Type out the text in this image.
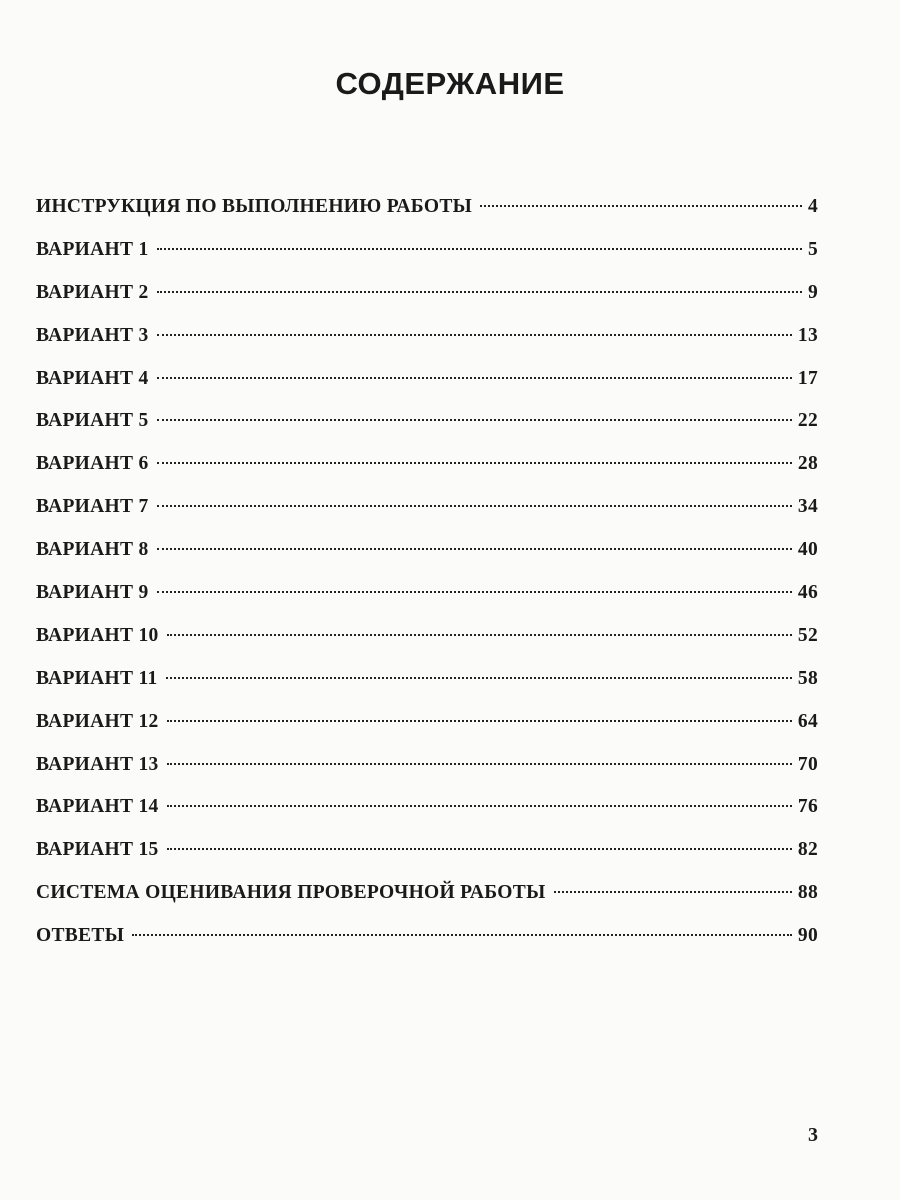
СОДЕРЖАНИЕ
ИНСТРУКЦИЯ ПО ВЫПОЛНЕНИЮ РАБОТЫ	4
ВАРИАНТ 1	5
ВАРИАНТ 2	9
ВАРИАНТ 3	13
ВАРИАНТ 4	17
ВАРИАНТ 5	22
ВАРИАНТ 6	28
ВАРИАНТ 7	34
ВАРИАНТ 8	40
ВАРИАНТ 9	46
ВАРИАНТ 10	52
ВАРИАНТ 11	58
ВАРИАНТ 12	64
ВАРИАНТ 13	70
ВАРИАНТ 14	76
ВАРИАНТ 15	82
СИСТЕМА ОЦЕНИВАНИЯ ПРОВЕРОЧНОЙ РАБОТЫ	88
ОТВЕТЫ	90
3
